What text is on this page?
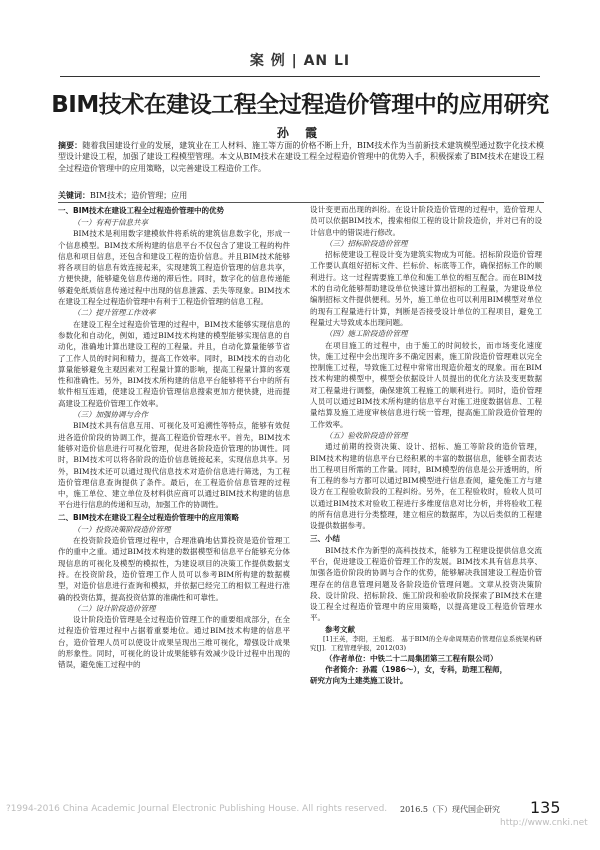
案 例 | AN LI
BIM技术在建设工程全过程造价管理中的应用研究
孙 霞
摘要：随着我国建设行业的发展，建筑业在工人材料、施工等方面的价格不断上升，BIM技术作为当前新技术建筑模型通过数字化技术模型设计建设工程，加强了建设工程模型管理。本文从BIM技术在建设工程全过程造价管理中的优势入手，积极探索了BIM技术在建设工程全过程造价管理中的应用策略，以完善建设工程造价工作。
关键词：BIM技术；造价管理；应用
一、BIM技术在建设工程全过程造价管理中的优势
（一）有利于信息共享

BIM技术是利用数字建模软件将系统的建筑信息数字化，形成一个信息模型。BIM技术所构建的信息平台不仅包含了建设工程的构件信息和项目信息，还包含和建设工程的造价信息。并且BIM技术能够将各项目的信息有效连接起来，实现建筑工程造价管理的信息共享，方便快捷，能够避免信息传递的滞后性。同时，数字化的信息传递能够避免纸质信息传递过程中出现的信息泄露、丢失等现象。BIM技术在建设工程全过程造价管理中有利于工程造价管理的信息工程。

（二）提升管理工作效率

在建设工程全过程造价管理的过程中，BIM技术能够实现信息的参数化和自动化，例如，通过BIM技术构建的模型能够实现信息的自动化，准确地计算出建设工程的工程量。并且，自动化算量能够节省了工作人员的时间和精力，提高工作效率。同时，BIM技术的自动化算量能够避免主观因素对工程量计算的影响，提高工程量计算的客观性和准确性。另外，BIM技术所构建的信息平台能够将平台中的所有软件相互连通，使建设工程造价管理信息搜索更加方便快捷，进而提高建设工程造价管理工作效率。

（三）加强协调与合作

BIM技术具有信息互用、可视化及可追溯性等特点，能够有效促进各造价阶段的协调工作，提高工程造价管理水平。首先，BIM技术能够对造价信息进行可视化管理，促进各阶段造价管理的协调性。同时，BIM技术可以将各阶段的造价信息链接起来，实现信息共享。另外，BIM技术还可以通过现代信息技术对造价信息进行筛选，为工程造价管理信息查询提供了条件。最后，在工程造价信息管理的过程中，施工单位、建立单位及材料供应商可以通过BIM技术构建的信息平台进行信息的传递和互动，加强工作的协调性。

二、BIM技术在建设工程全过程造价管理中的应用策略
（一）投资决策阶段造价管理

在投资阶段造价管理过程中，合理准确地估算投资是造价管理工作的重中之重。通过BIM技术构建的数据模型和信息平台能够充分体现信息的可视化及模型的模拟性，为建设项目的决策工作提供数据支持。在投资阶段，造价管理工作人员可以参考BIM所构建的数据模型，对造价信息进行查询和模拟，并依据已经完工的相似工程进行准确的投资估算，提高投资估算的准确性和可靠性。

（二）设计阶段造价管理

设计阶段造价管理是全过程造价管理工作的重要组成部分，在全过程造价管理过程中占据着重要地位。通过BIM技术构建的信息平台，造价管理人员可以使设计成果呈现出三维可视化，增强设计成果的形象性。同时，可视化的设计成果能够有效减少设计过程中出现的错误，避免施工过程中的

设计变更而出现的纠纷。在设计阶段造价管理的过程中，造价管理人员可以依据BIM技术，搜索相似工程的设计阶段造价，并对已有的设计信息中的错误进行修改。

（三）招标阶段造价管理

招标使建设工程设计变为建筑实物成为可能。招标阶段造价管理工作要认真组好招标文件、拦标价、标底等工作，确保招标工作的顺利进行。这一过程需要施工单位和施工单位的相互配合。而在BIM技术的自动化能够帮助建设单位快速计算出招标的工程量，为建设单位编制招标文件提供便利。另外，施工单位也可以利用BIM模型对单位的现有工程量进行计算，判断是否接受设计单位的工程项目，避免工程量过大导致成本出现问题。

（四）施工阶段造价管理

在项目施工的过程中，由于施工的时间较长，而市场变化速度快，施工过程中会出现许多不确定因素，施工阶段造价管理难以完全控制施工过程，导致施工过程中常常出现造价超支的现象。而在BIM技术构建的模型中，模型会依据设计人员提出的优化方法及变更数据对工程量进行调整，确保建筑工程施工的顺利进行。同时，造价管理人员可以通过BIM技术所构建的信息平台对施工进度数据信息、工程量结算及施工进度审核信息进行统一管理，提高施工阶段造价管理的工作效率。

（五）验收阶段造价管理

通过前期的投资决策、设计、招标、施工等阶段的造价管理，BIM技术构建的信息平台已经积累的丰富的数据信息，能够全面表达出工程项目所需的工作量。同时，BIM模型的信息是公开透明的，所有工程的参与方都可以通过BIM模型进行信息查阅，避免施工方与建设方在工程验收阶段的工程纠纷。另外，在工程验收时，验收人员可以通过BIM技术对验收工程进行多维度信息对比分析，并将验收工程的所有信息进行分类整理，建立相应的数据库，为以后类似的工程建设提供数据参考。

三、小结

BIM技术作为新型的高科技技术，能够为工程建设提供信息交流平台，促进建设工程造价管理工作的发展。BIM技术具有信息共享、加强各造价阶段的协调与合作的优势，能够解决我国建设工程造价管理存在的信息管理问题及各阶段造价管理问题。文章从投资决策阶段、设计阶段、招标阶段、施工阶段和验收阶段探索了BIM技术在建设工程全过程造价管理中的应用策略，以提高建设工程造价管理水平。

参考文献
[1]王英，李阳，王旭彪． 基于BIM的全寿命周期造价管理信息系统架构研究[J]．工程管理学报，2012(03)
（作者单位：中铁二十二局集团第三工程有限公司）
作者简介：孙霞（1986～），女，专科，助理工程师，
研究方向为土建类施工设计。
?1994-2016 China Academic Journal Electronic Publishing House. All rights reserved. 2016.5（下）现代国企研究 135
http://www.cnki.net
